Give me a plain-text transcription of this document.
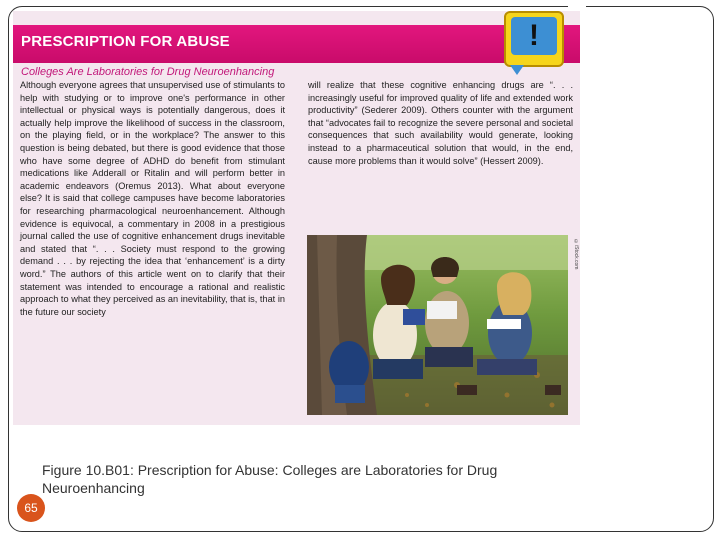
PRESCRIPTION FOR ABUSE	!
Colleges Are Laboratories for Drug Neuroenhancing
Although everyone agrees that unsupervised use of stimulants to help with studying or to improve one's performance in other intellectual or physical ways is potentially dangerous, does it actually help improve the likelihood of success in the classroom, on the playing field, or in the workplace? The answer to this question is being debated, but there is good evidence that those who have some degree of ADHD do benefit from stimulant medications like Adderall or Ritalin and will perform better in academic endeavors (Oremus 2013). What about everyone else? It is said that college campuses have become laboratories for researching pharmacological neuroenhancement. Although evidence is equivocal, a commentary in 2008 in a prestigious journal called the use of cognitive enhancement drugs inevitable and stated that “. . . Society must respond to the growing demand . . . by rejecting the idea that ‘enhancement’ is a dirty word.” The authors of this article went on to clarify that their statement was intended to encourage a rational and realistic approach to what they perceived as an inevitability, that is, that in the future our society
will realize that these cognitive enhancing drugs are “. . . increasingly useful for improved quality of life and extended work productivity” (Sederer 2009). Others counter with the argument that “advocates fail to recognize the severe personal and societal consequences that such availability would generate, looking instead to a pharmaceutical solution that would, in the end, cause more problems than it would solve” (Hessert 2009).
©iStock.com
Figure 10.B01: Prescription for Abuse: Colleges are Laboratories for Drug Neuroenhancing
65
